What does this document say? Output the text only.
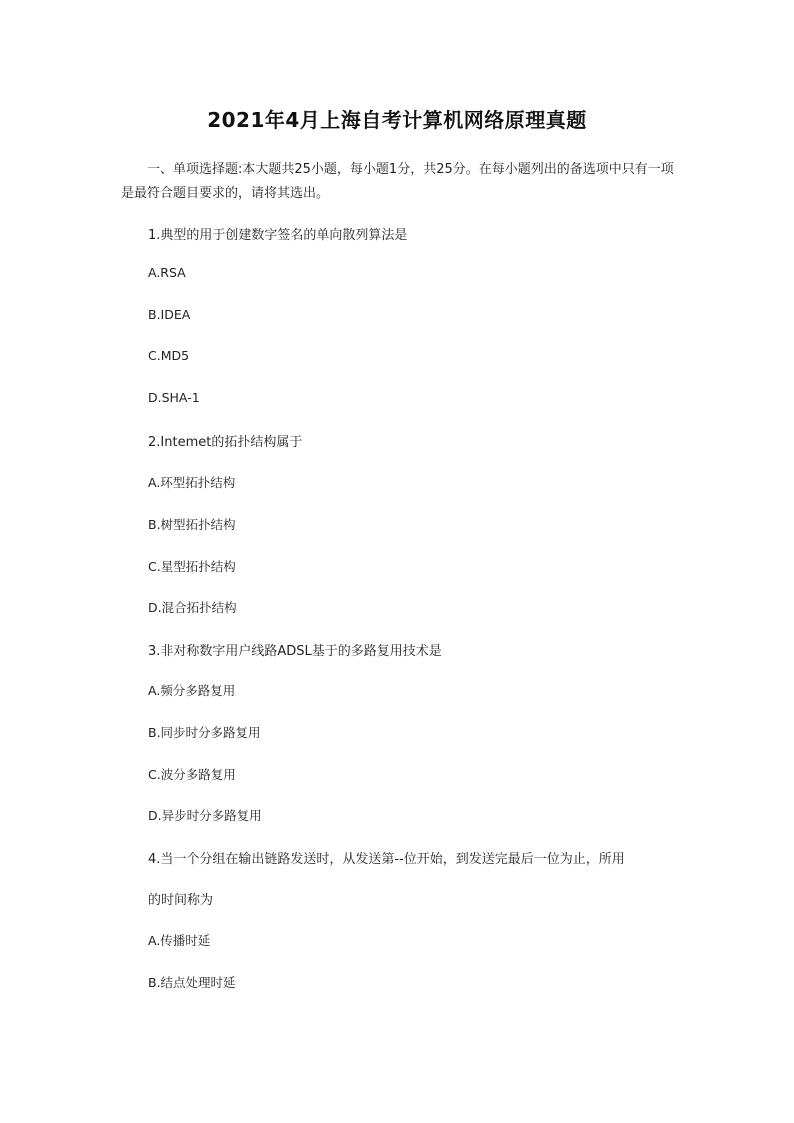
2021年4月上海自考计算机网络原理真题
一、单项选择题:本大题共25小题，每小题1分，共25分。在每小题列出的备选项中只有一项是最符合题目要求的，请将其选出。
1.典型的用于创建数字签名的单向散列算法是
A.RSA
B.IDEA
C.MD5
D.SHA-1
2.Intemet的拓扑结构属于
A.环型拓扑结构
B.树型拓扑结构
C.星型拓扑结构
D.混合拓扑结构
3.非对称数字用户线路ADSL基于的多路复用技术是
A.频分多路复用
B.同步时分多路复用
C.波分多路复用
D.异步时分多路复用
4.当一个分组在输出链路发送时，从发送第--位开始，到发送完最后一位为止，所用
的时间称为
A.传播时延
B.结点处理时延
